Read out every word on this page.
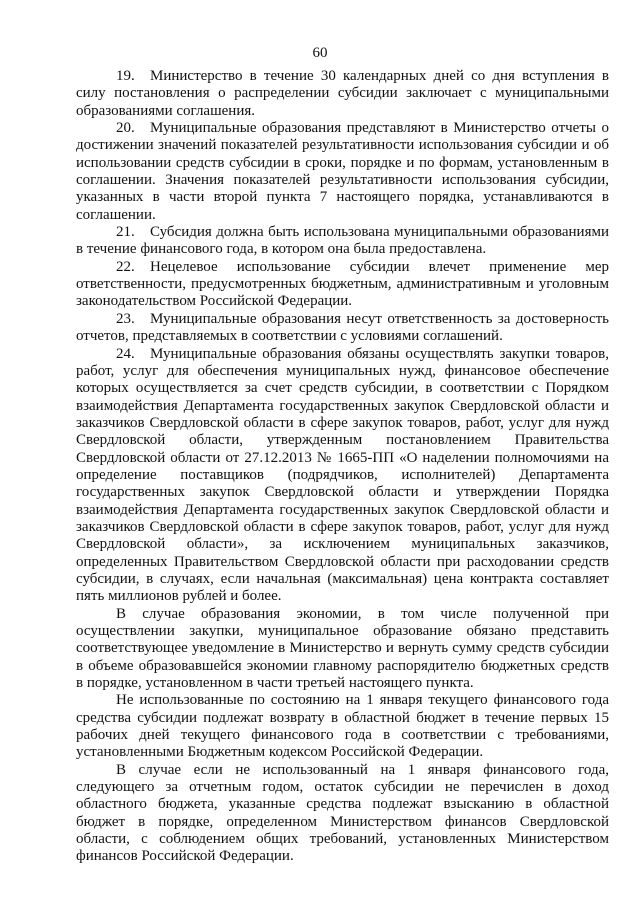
60

19. Министерство в течение 30 календарных дней со дня вступления в силу постановления о распределении субсидии заключает с муниципальными образованиями соглашения.

20. Муниципальные образования представляют в Министерство отчеты о достижении значений показателей результативности использования субсидии и об использовании средств субсидии в сроки, порядке и по формам, установленным в соглашении. Значения показателей результативности использования субсидии, указанных в части второй пункта 7 настоящего порядка, устанавливаются в соглашении.

21. Субсидия должна быть использована муниципальными образованиями в течение финансового года, в котором она была предоставлена.

22. Нецелевое использование субсидии влечет применение мер ответственности, предусмотренных бюджетным, административным и уголовным законодательством Российской Федерации.

23. Муниципальные образования несут ответственность за достоверность отчетов, представляемых в соответствии с условиями соглашений.

24. Муниципальные образования обязаны осуществлять закупки товаров, работ, услуг для обеспечения муниципальных нужд, финансовое обеспечение которых осуществляется за счет средств субсидии, в соответствии с Порядком взаимодействия Департамента государственных закупок Свердловской области и заказчиков Свердловской области в сфере закупок товаров, работ, услуг для нужд Свердловской области, утвержденным постановлением Правительства Свердловской области от 27.12.2013 № 1665-ПП «О наделении полномочиями на определение поставщиков (подрядчиков, исполнителей) Департамента государственных закупок Свердловской области и утверждении Порядка взаимодействия Департамента государственных закупок Свердловской области и заказчиков Свердловской области в сфере закупок товаров, работ, услуг для нужд Свердловской области», за исключением муниципальных заказчиков, определенных Правительством Свердловской области при расходовании средств субсидии, в случаях, если начальная (максимальная) цена контракта составляет пять миллионов рублей и более.

В случае образования экономии, в том числе полученной при осуществлении закупки, муниципальное образование обязано представить соответствующее уведомление в Министерство и вернуть сумму средств субсидии в объеме образовавшейся экономии главному распорядителю бюджетных средств в порядке, установленном в части третьей настоящего пункта.

Не использованные по состоянию на 1 января текущего финансового года средства субсидии подлежат возврату в областной бюджет в течение первых 15 рабочих дней текущего финансового года в соответствии с требованиями, установленными Бюджетным кодексом Российской Федерации.

В случае если не использованный на 1 января финансового года, следующего за отчетным годом, остаток субсидии не перечислен в доход областного бюджета, указанные средства подлежат взысканию в областной бюджет в порядке, определенном Министерством финансов Свердловской области, с соблюдением общих требований, установленных Министерством финансов Российской Федерации.
